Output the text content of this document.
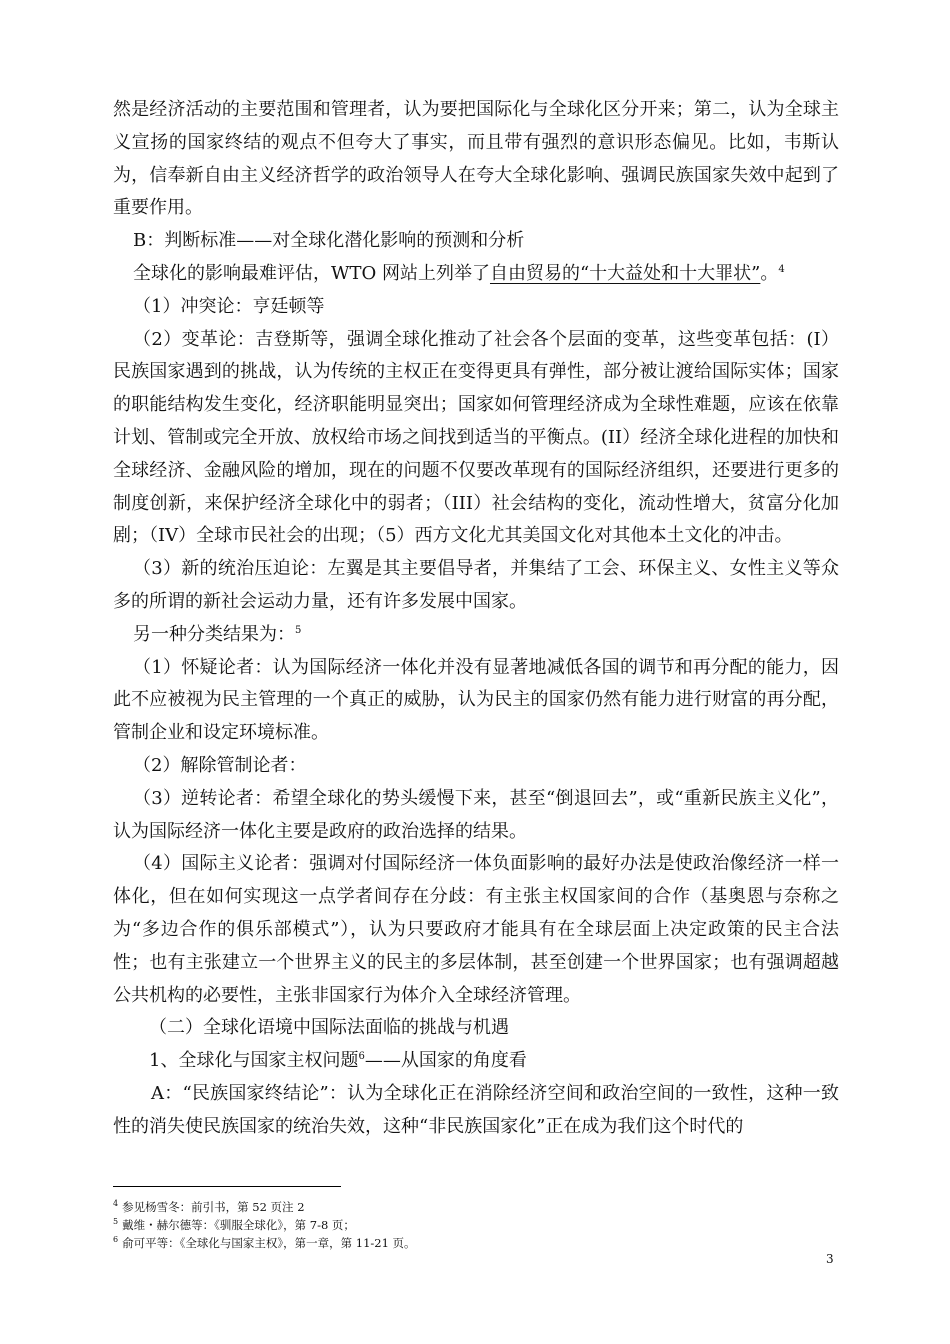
然是经济活动的主要范围和管理者，认为要把国际化与全球化区分开来；第二，认为全球主义宣扬的国家终结的观点不但夸大了事实，而且带有强烈的意识形态偏见。比如，韦斯认为，信奉新自由主义经济哲学的政治领导人在夸大全球化影响、强调民族国家失效中起到了重要作用。

B：判断标准——对全球化潜化影响的预测和分析

全球化的影响最难评估，WTO 网站上列举了自由贸易的“十大益处和十大罪状”。$^4$

（1）冲突论：亨廷顿等

（2）变革论：吉登斯等，强调全球化推动了社会各个层面的变革，这些变革包括：(I）民族国家遇到的挑战，认为传统的主权正在变得更具有弹性，部分被让渡给国际实体；国家的职能结构发生变化，经济职能明显突出；国家如何管理经济成为全球性难题，应该在依靠计划、管制或完全开放、放权给市场之间找到适当的平衡点。(II）经济全球化进程的加快和全球经济、金融风险的增加，现在的问题不仅要改革现有的国际经济组织，还要进行更多的制度创新，来保护经济全球化中的弱者；（III）社会结构的变化，流动性增大，贫富分化加剧；（IV）全球市民社会的出现；（5）西方文化尤其美国文化对其他本土文化的冲击。

（3）新的统治压迫论：左翼是其主要倡导者，并集结了工会、环保主义、女性主义等众多的所谓的新社会运动力量，还有许多发展中国家。

另一种分类结果为：$^5$

（1）怀疑论者：认为国际经济一体化并没有显著地减低各国的调节和再分配的能力，因此不应被视为民主管理的一个真正的威胁，认为民主的国家仍然有能力进行财富的再分配，管制企业和设定环境标准。

（2）解除管制论者：

（3）逆转论者：希望全球化的势头缓慢下来，甚至“倒退回去”，或“重新民族主义化”，认为国际经济一体化主要是政府的政治选择的结果。

（4）国际主义论者：强调对付国际经济一体负面影响的最好办法是使政治像经济一样一体化，但在如何实现这一点学者间存在分歧：有主张主权国家间的合作（基奥恩与奈称之为“多边合作的俱乐部模式”），认为只要政府才能具有在全球层面上决定政策的民主合法性；也有主张建立一个世界主义的民主的多层体制，甚至创建一个世界国家；也有强调超越公共机构的必要性，主张非国家行为体介入全球经济管理。

（二）全球化语境中国际法面临的挑战与机遇

1、全球化与国家主权问题$^6$——从国家的角度看

A：“民族国家终结论”：认为全球化正在消除经济空间和政治空间的一致性，这种一致性的消失使民族国家的统治失效，这种“非民族国家化”正在成为我们这个时代的

$^4$ 参见杨雪冬：前引书，第 52 页注 2

$^5$ 戴维・赫尔德等：《驯服全球化》，第 7-8 页；

$^6$ 俞可平等：《全球化与国家主权》，第一章，第 11-21 页。

3
